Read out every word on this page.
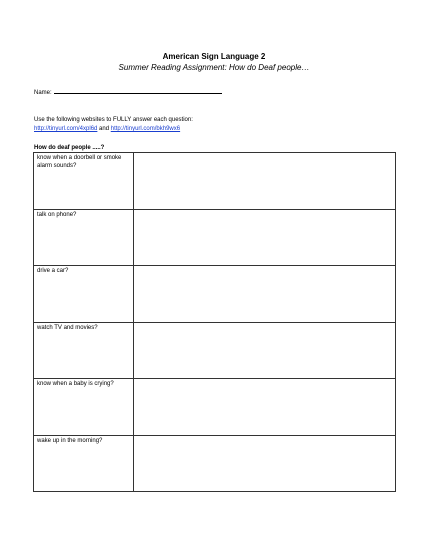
American Sign Language 2
Summer Reading Assignment: How do Deaf people…
Name:
Use the following websites to FULLY answer each question:
http://tinyurl.com/4xpl6d and http://tinyurl.com/bkh9wx6
How do deaf people .....?
know when a doorbell or smoke alarm sounds?	
talk on phone?	
drive a car?	
watch TV and movies?	
know when a baby is crying?	
wake up in the morning?	
